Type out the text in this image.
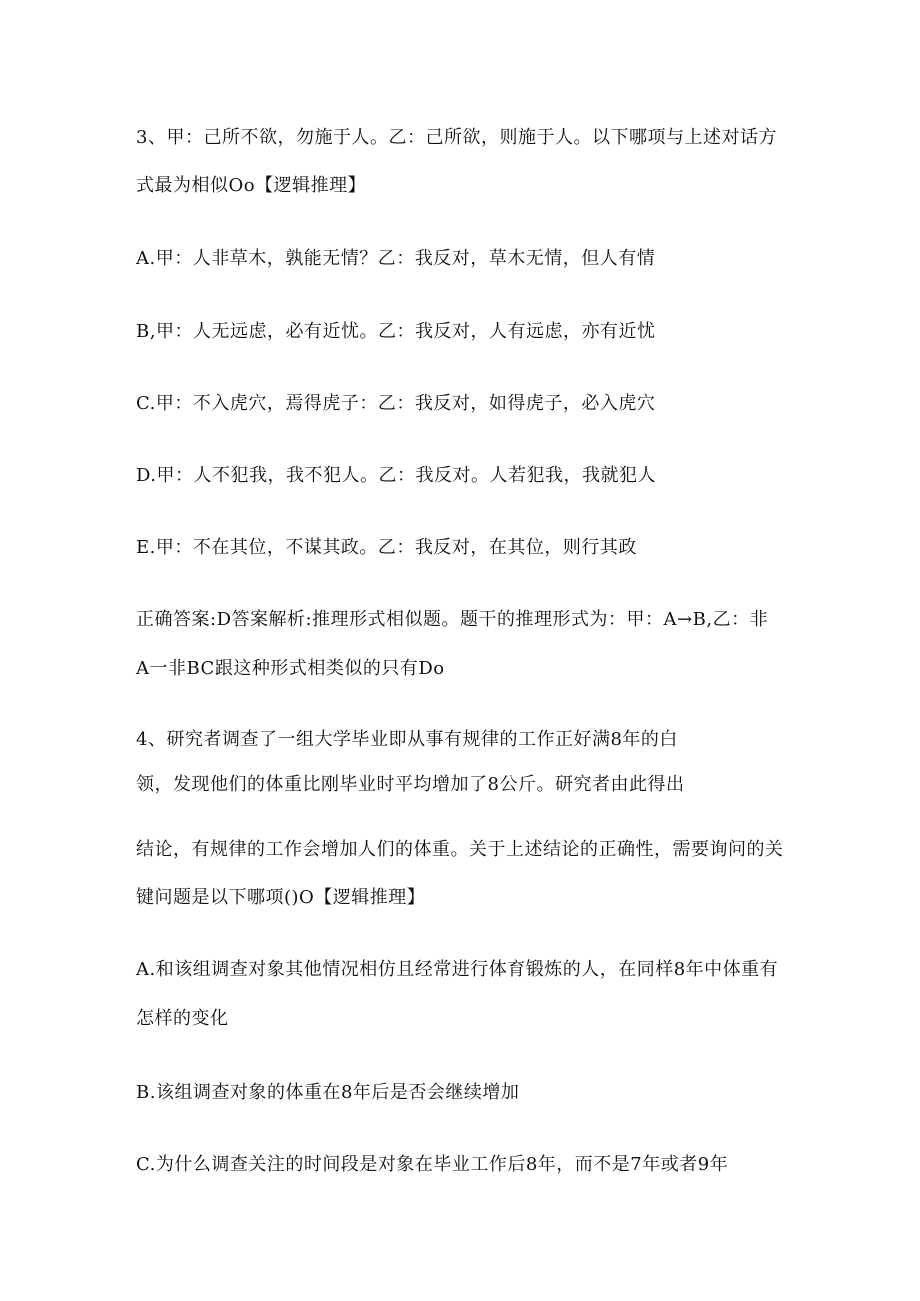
3、甲：己所不欲，勿施于人。乙：己所欲，则施于人。以下哪项与上述对话方
式最为相似Oo【逻辑推理】
A.甲：人非草木，孰能无情？乙：我反对，草木无情，但人有情
B,甲：人无远虑，必有近忧。乙：我反对，人有远虑，亦有近忧
C.甲：不入虎穴，焉得虎子：乙：我反对，如得虎子，必入虎穴
D.甲：人不犯我，我不犯人。乙：我反对。人若犯我，我就犯人
E.甲：不在其位，不谋其政。乙：我反对，在其位，则行其政
正确答案:D答案解析:推理形式相似题。题干的推理形式为：甲：A→B,乙：非
A一非BC跟这种形式相类似的只有Do
4、研究者调查了一组大学毕业即从事有规律的工作正好满8年的白
领，发现他们的体重比刚毕业时平均增加了8公斤。研究者由此得出
结论，有规律的工作会增加人们的体重。关于上述结论的正确性，需要询问的关
键问题是以下哪项()O【逻辑推理】
A.和该组调查对象其他情况相仿且经常进行体育锻炼的人，在同样8年中体重有
怎样的变化
B.该组调查对象的体重在8年后是否会继续增加
C.为什么调查关注的时间段是对象在毕业工作后8年，而不是7年或者9年
